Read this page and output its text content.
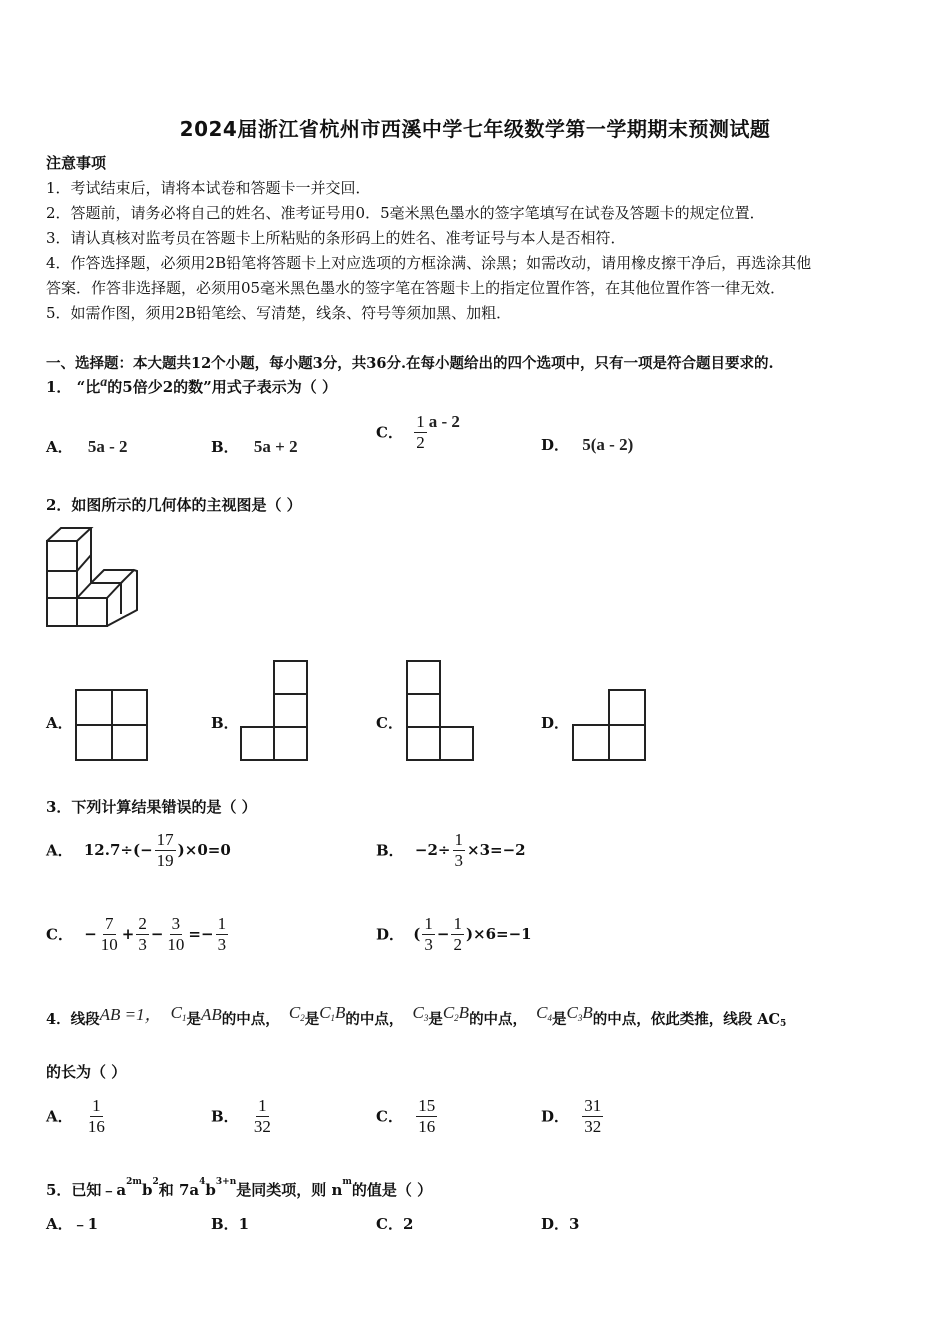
2024届浙江省杭州市西溪中学七年级数学第一学期期末预测试题
注意事项
1．考试结束后，请将本试卷和答题卡一并交回．
2．答题前，请务必将自己的姓名、准考证号用0．5毫米黑色墨水的签字笔填写在试卷及答题卡的规定位置．
3．请认真核对监考员在答题卡上所粘贴的条形码上的姓名、准考证号与本人是否相符．
4．作答选择题，必须用2B铅笔将答题卡上对应选项的方框涂满、涂黑；如需改动，请用橡皮擦干净后，再选涂其他
答案．作答非选择题，必须用05毫米黑色墨水的签字笔在答题卡上的指定位置作答，在其他位置作答一律无效．
5．如需作图，须用2B铅笔绘、写清楚，线条、符号等须加黑、加粗．
一、选择题：本大题共12个小题，每小题3分，共36分.在每小题给出的四个选项中，只有一项是符合题目要求的.
1． “比a的5倍少2的数”用式子表示为（ ）
A． 5a - 2	B． 5a + 2
C． $\frac{1}{2}$ a - 2
D． 5(a - 2)
2．如图所示的几何体的主视图是（ ）
A．	B．	C．	D．
3．下列计算结果错误的是（ ）
A． $12.7\div(- \frac{17}{19} )\times 0=0$	B． $-2\div \frac{1}{3} \times 3=-2$
C． − $\frac{7}{10} + \frac{2}{3} - \frac{3}{10} =- \frac{1}{3}$	D． ( $\frac{1}{3} - \frac{1}{2} )\times 6=-1$
4．线段AB =1， C1是AB的中点， C2是C1B的中点， C3是C2B的中点， C4是C3B的中点，依此类推，线段 AC5
的长为（ ）
A． $\frac{1}{16}$	B． $\frac{1}{32}$	C． $\frac{15}{16}$	D． $\frac{31}{32}$
5．已知$﹣a^{2m}b^2$和 $7a^4b^{3+n}$是同类项，则 $n^m$的值是（ ）
A．﹣1	B．1	C．2	D．3
